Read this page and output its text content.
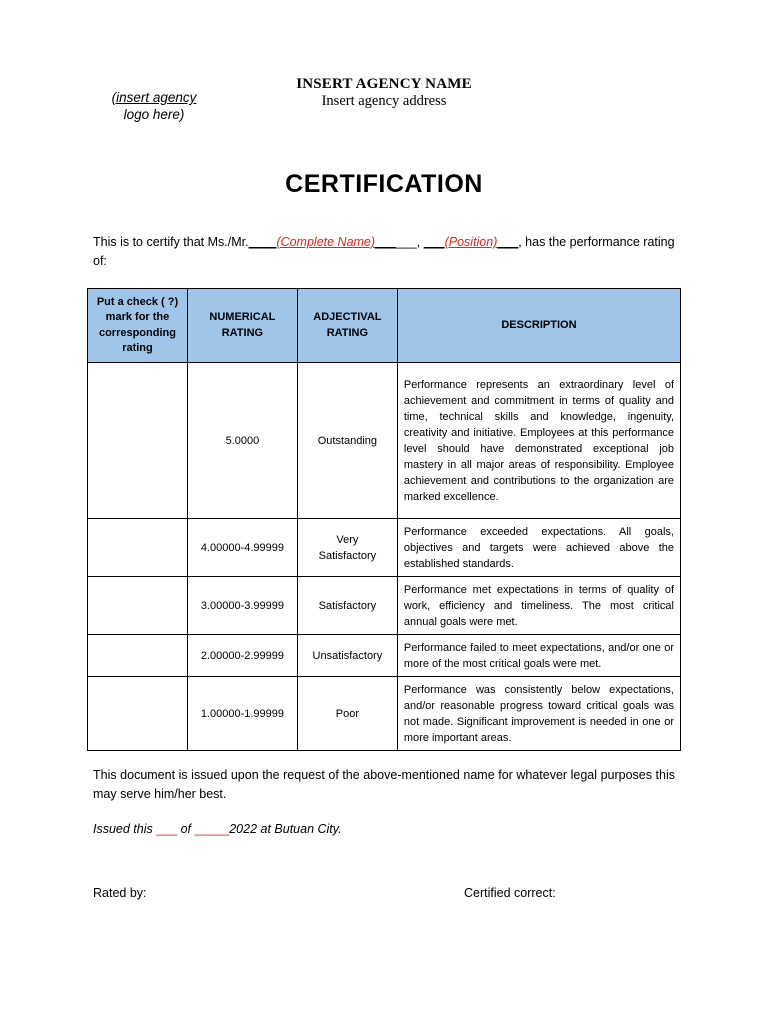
(insert agency
logo here)
INSERT AGENCY NAME
Insert agency address
CERTIFICATION
This is to certify that Ms./Mr.____(Complete Name)______, ___(Position)___, has the performance rating of:
Put a check ( ?) mark for the corresponding rating	NUMERICAL RATING	ADJECTIVAL RATING	DESCRIPTION
	5.0000	Outstanding	Performance represents an extraordinary level of achievement and commitment in terms of quality and time, technical skills and knowledge, ingenuity, creativity and initiative. Employees at this performance level should have demonstrated exceptional job mastery in all major areas of responsibility. Employee achievement and contributions to the organization are marked excellence.
	4.00000-4.99999	Very Satisfactory	Performance exceeded expectations. All goals, objectives and targets were achieved above the established standards.
	3.00000-3.99999	Satisfactory	Performance met expectations in terms of quality of work, efficiency and timeliness. The most critical annual goals were met.
	2.00000-2.99999	Unsatisfactory	Performance failed to meet expectations, and/or one or more of the most critical goals were met.
	1.00000-1.99999	Poor	Performance was consistently below expectations, and/or reasonable progress toward critical goals was not made. Significant improvement is needed in one or more important areas.
This document is issued upon the request of the above-mentioned name for whatever legal purposes this may serve him/her best.
Issued this ___ of _____2022 at Butuan City.
Rated by:	Certified correct:
